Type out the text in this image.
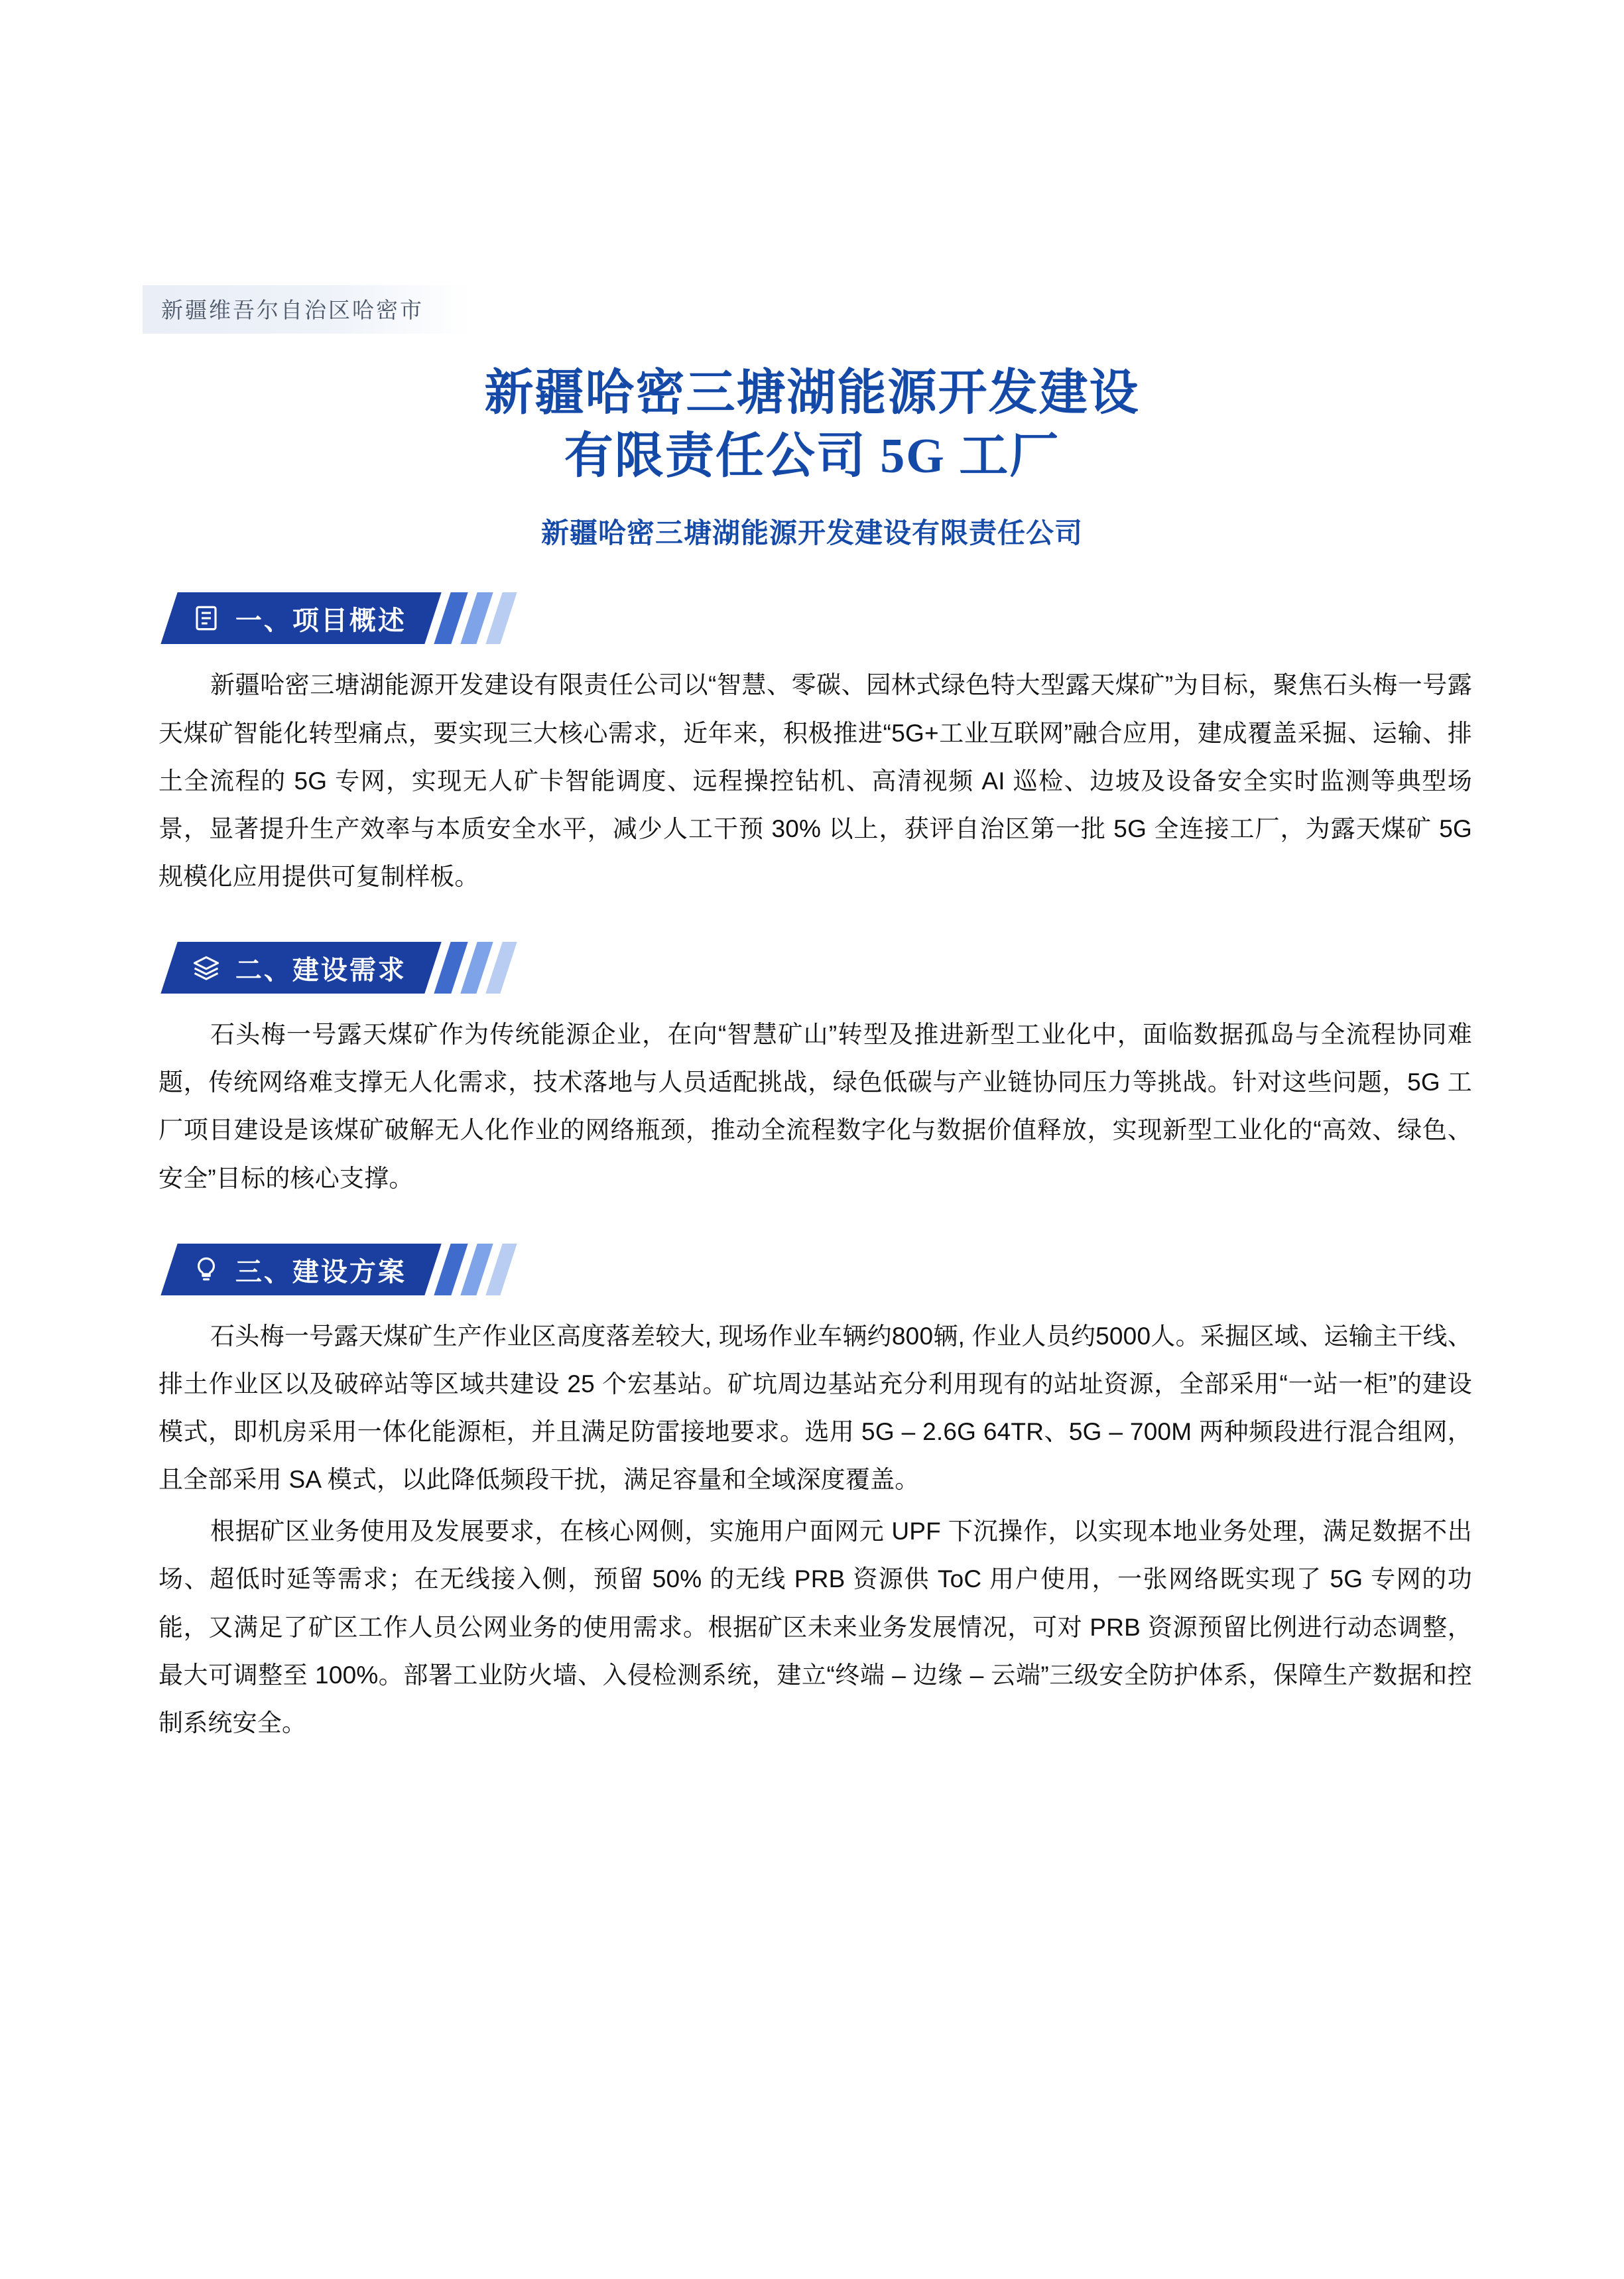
新疆维吾尔自治区哈密市
新疆哈密三塘湖能源开发建设
有限责任公司 5G 工厂
新疆哈密三塘湖能源开发建设有限责任公司
一、项目概述

新疆哈密三塘湖能源开发建设有限责任公司以“智慧、零碳、园林式绿色特大型露天煤矿”为目标，聚焦石头梅一号露天煤矿智能化转型痛点，要实现三大核心需求，近年来，积极推进“5G+工业互联网”融合应用，建成覆盖采掘、运输、排土全流程的 5G 专网，实现无人矿卡智能调度、远程操控钻机、高清视频 AI 巡检、边坡及设备安全实时监测等典型场景，显著提升生产效率与本质安全水平，减少人工干预 30% 以上，获评自治区第一批 5G 全连接工厂，为露天煤矿 5G 规模化应用提供可复制样板。

二、建设需求

石头梅一号露天煤矿作为传统能源企业，在向“智慧矿山”转型及推进新型工业化中，面临数据孤岛与全流程协同难题，传统网络难支撑无人化需求，技术落地与人员适配挑战，绿色低碳与产业链协同压力等挑战。针对这些问题，5G 工厂项目建设是该煤矿破解无人化作业的网络瓶颈，推动全流程数字化与数据价值释放，实现新型工业化的“高效、绿色、安全”目标的核心支撑。

三、建设方案

石头梅一号露天煤矿生产作业区高度落差较大, 现场作业车辆约800辆, 作业人员约5000人。采掘区域、运输主干线、排土作业区以及破碎站等区域共建设 25 个宏基站。矿坑周边基站充分利用现有的站址资源，全部采用“一站一柜”的建设模式，即机房采用一体化能源柜，并且满足防雷接地要求。选用 5G – 2.6G 64TR、5G – 700M 两种频段进行混合组网，且全部采用 SA 模式，以此降低频段干扰，满足容量和全域深度覆盖。

根据矿区业务使用及发展要求，在核心网侧，实施用户面网元 UPF 下沉操作，以实现本地业务处理，满足数据不出场、超低时延等需求；在无线接入侧，预留 50% 的无线 PRB 资源供 ToC 用户使用，一张网络既实现了 5G 专网的功能，又满足了矿区工作人员公网业务的使用需求。根据矿区未来业务发展情况，可对 PRB 资源预留比例进行动态调整，最大可调整至 100%。部署工业防火墙、入侵检测系统，建立“终端 – 边缘 – 云端”三级安全防护体系，保障生产数据和控制系统安全。
